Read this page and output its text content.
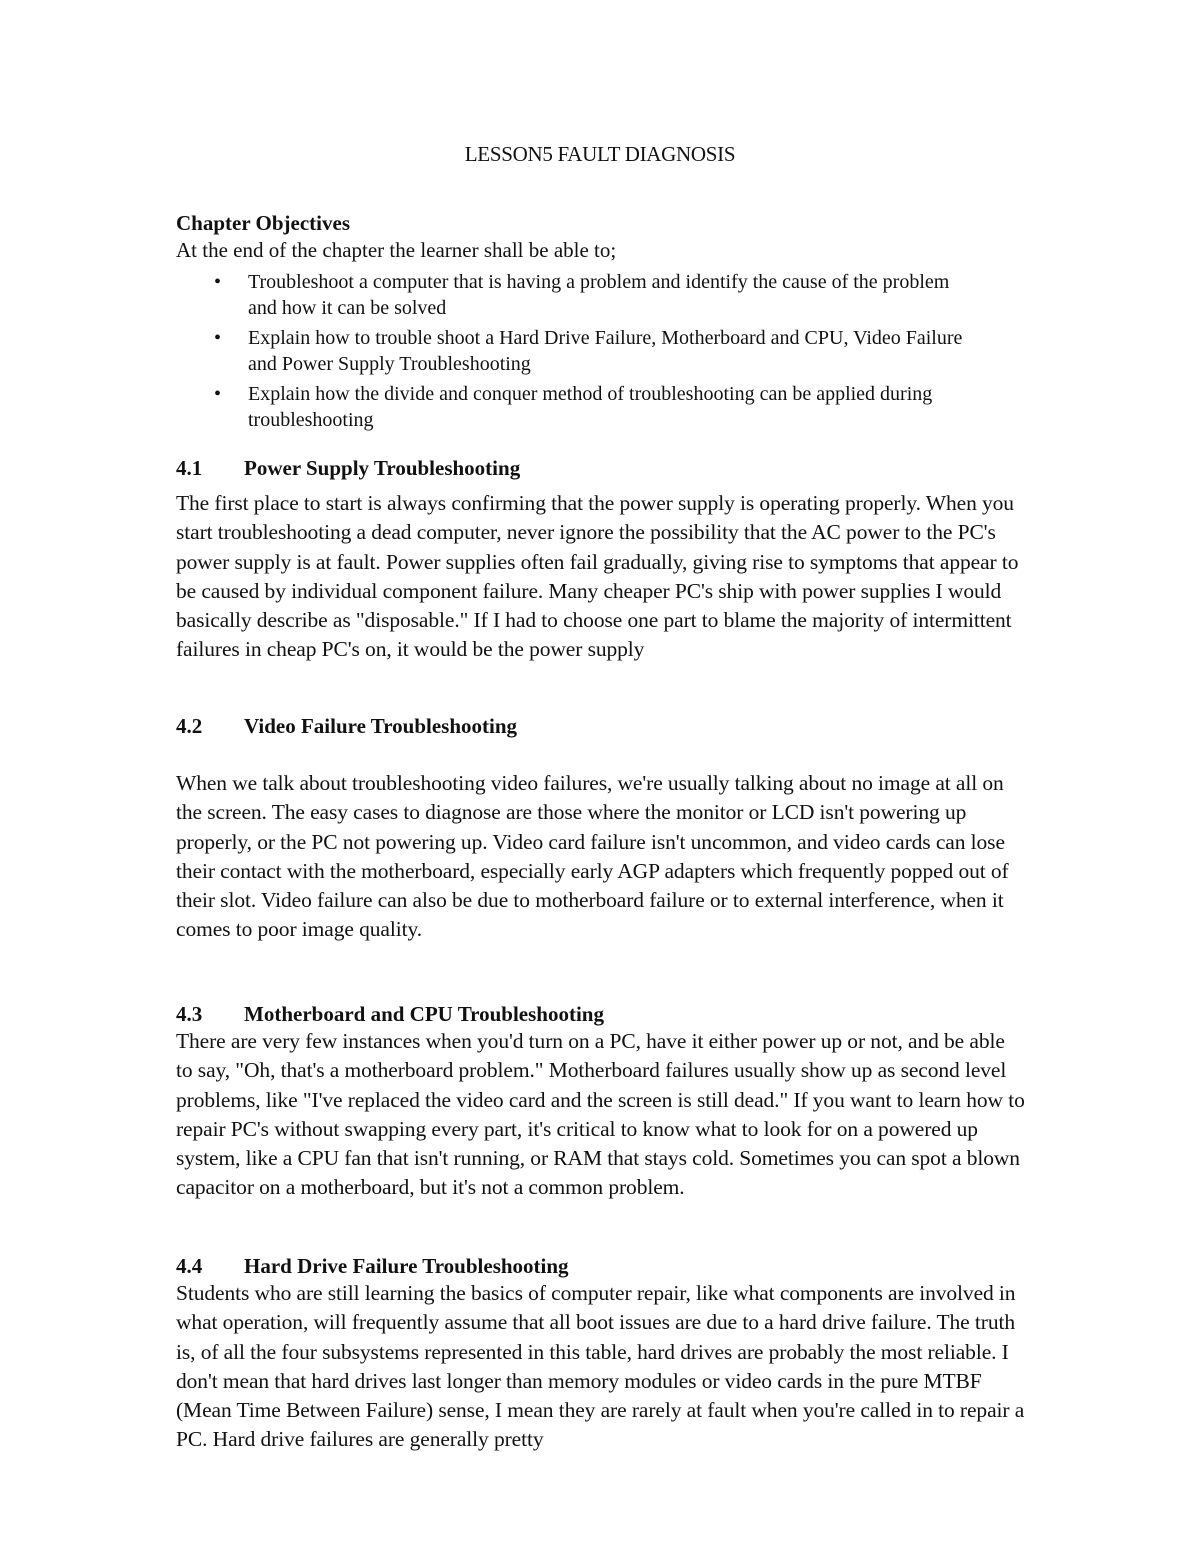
LESSON5 FAULT DIAGNOSIS
Chapter Objectives
At the end of the chapter the learner shall be able to;
• Troubleshoot a computer that is having a problem and identify the cause of the problem and how it can be solved
• Explain how to trouble shoot a Hard Drive Failure, Motherboard and CPU, Video Failure and Power Supply Troubleshooting
• Explain how the divide and conquer method of troubleshooting can be applied during troubleshooting
4.1 Power Supply Troubleshooting
The first place to start is always confirming that the power supply is operating properly. When you start troubleshooting a dead computer, never ignore the possibility that the AC power to the PC's power supply is at fault. Power supplies often fail gradually, giving rise to symptoms that appear to be caused by individual component failure. Many cheaper PC's ship with power supplies I would basically describe as "disposable." If I had to choose one part to blame the majority of intermittent failures in cheap PC's on, it would be the power supply
4.2 Video Failure Troubleshooting
When we talk about troubleshooting video failures, we're usually talking about no image at all on the screen. The easy cases to diagnose are those where the monitor or LCD isn't powering up properly, or the PC not powering up. Video card failure isn't uncommon, and video cards can lose their contact with the motherboard, especially early AGP adapters which frequently popped out of their slot. Video failure can also be due to motherboard failure or to external interference, when it comes to poor image quality.
4.3 Motherboard and CPU Troubleshooting
There are very few instances when you'd turn on a PC, have it either power up or not, and be able to say, "Oh, that's a motherboard problem." Motherboard failures usually show up as second level problems, like "I've replaced the video card and the screen is still dead." If you want to learn how to repair PC's without swapping every part, it's critical to know what to look for on a powered up system, like a CPU fan that isn't running, or RAM that stays cold. Sometimes you can spot a blown capacitor on a motherboard, but it's not a common problem.
4.4 Hard Drive Failure Troubleshooting
Students who are still learning the basics of computer repair, like what components are involved in what operation, will frequently assume that all boot issues are due to a hard drive failure. The truth is, of all the four subsystems represented in this table, hard drives are probably the most reliable. I don't mean that hard drives last longer than memory modules or video cards in the pure MTBF (Mean Time Between Failure) sense, I mean they are rarely at fault when you're called in to repair a PC. Hard drive failures are generally pretty
